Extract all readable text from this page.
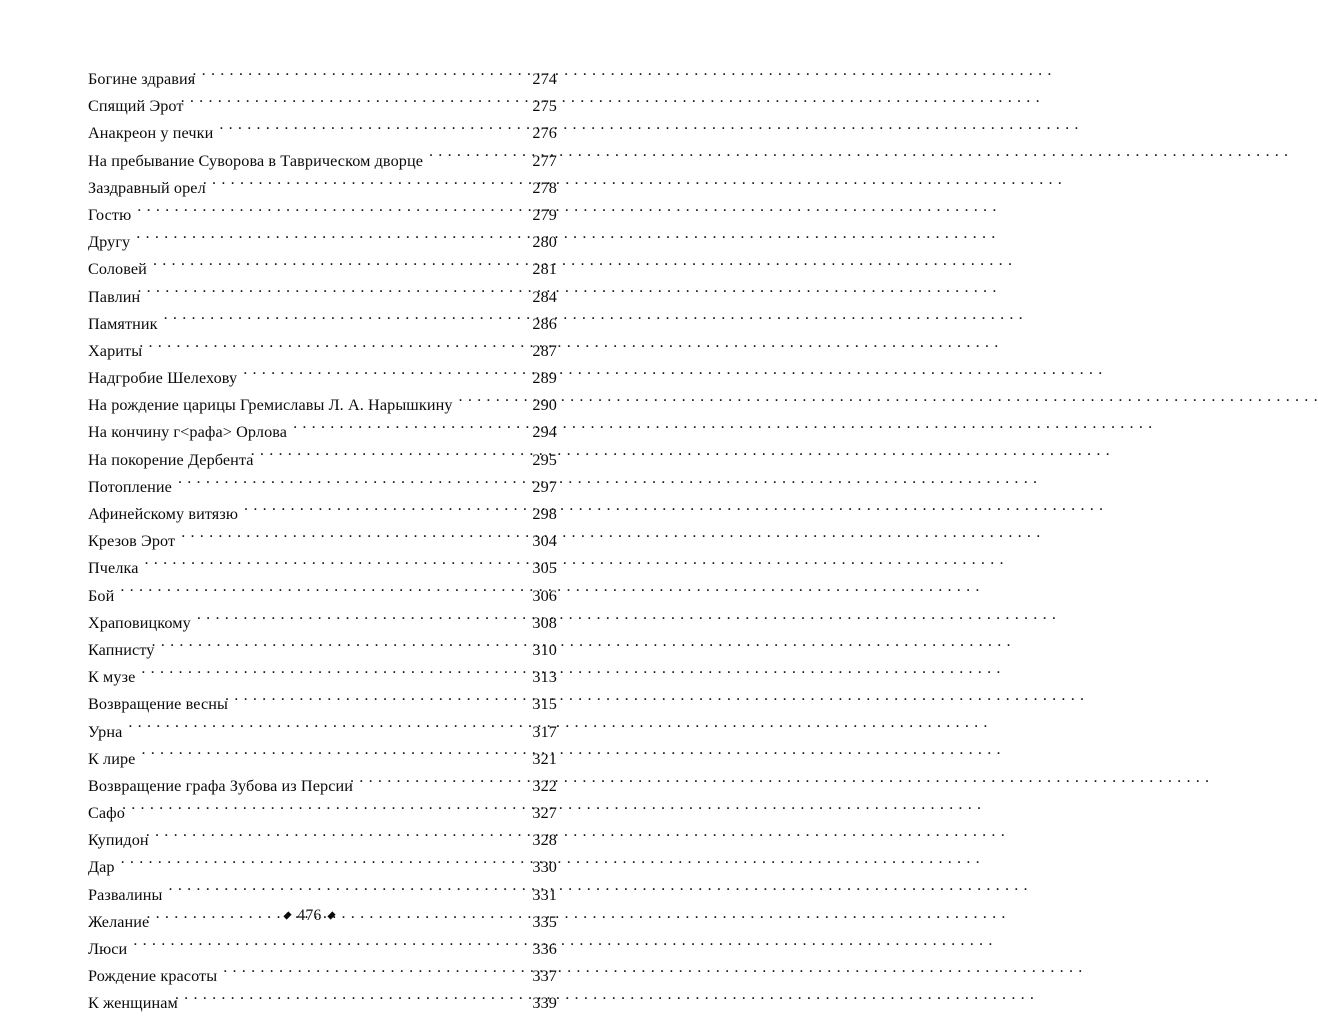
Богине здравия . . .	274
Спящий Эрот . . .	275
Анакреон у печки . . .	276
На пребывание Суворова в Таврическом дворце . . .	277
Заздравный орел . . .	278
Гостю . . .	279
Другу . . .	280
Соловей . . .	281
Павлин . . .	284
Памятник . . .	286
Хариты . . .	287
Надгробие Шелехову . . .	289
На рождение царицы Гремиславы Л. А. Нарышкину . . .	290
На кончину г<рафа> Орлова . . .	294
На покорение Дербента . . .	295
Потопление . . .	297
Афинейскому витязю . . .	298
Крезов Эрот . . .	304
Пчелка . . .	305
Бой . . .	306
Храповицкому . . .	308
Капнисту . . .	310
К музе . . .	313
Возвращение весны . . .	315
Урна . . .	317
К лире . . .	321
Возвращение графа Зубова из Персии . . .	322
Сафо . . .	327
Купидон . . .	328
Дар . . .	330
Развалины . . .	331
Желание . . .	335
Люси . . .	336
Рождение красоты . . .	337
К женщинам . . .	339
476
